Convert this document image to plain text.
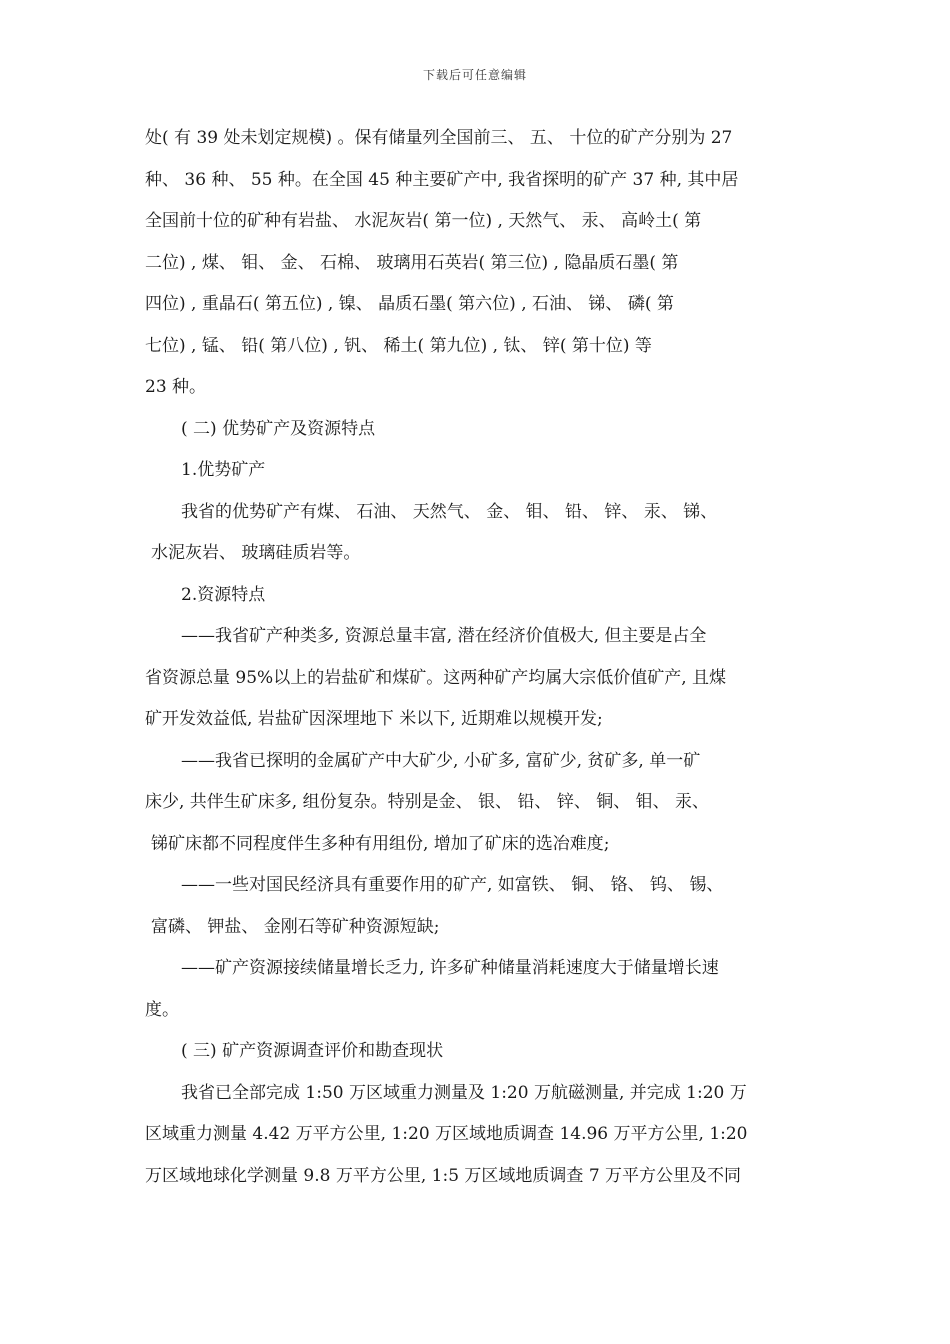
下载后可任意编辑
处( 有 39 处未划定规模) 。保有储量列全国前三、 五、 十位的矿产分别为 27
种、 36 种、 55 种。在全国 45 种主要矿产中, 我省探明的矿产 37 种, 其中居
全国前十位的矿种有岩盐、 水泥灰岩( 第一位) , 天然气、 汞、 高岭土( 第
二位) , 煤、 钼、 金、 石棉、 玻璃用石英岩( 第三位) , 隐晶质石墨( 第
四位) , 重晶石( 第五位) , 镍、 晶质石墨( 第六位) , 石油、 锑、 磷( 第
七位) , 锰、 铅( 第八位) , 钒、 稀土( 第九位) , 钛、 锌( 第十位) 等
23 种。
( 二) 优势矿产及资源特点
1.优势矿产
我省的优势矿产有煤、 石油、 天然气、 金、 钼、 铅、 锌、 汞、 锑、
水泥灰岩、 玻璃硅质岩等。
2.资源特点
——我省矿产种类多, 资源总量丰富, 潜在经济价值极大, 但主要是占全
省资源总量 95%以上的岩盐矿和煤矿。这两种矿产均属大宗低价值矿产, 且煤
矿开发效益低, 岩盐矿因深埋地下 米以下, 近期难以规模开发;
——我省已探明的金属矿产中大矿少, 小矿多, 富矿少, 贫矿多, 单一矿
床少, 共伴生矿床多, 组份复杂。特别是金、 银、 铅、 锌、 铜、 钼、 汞、
锑矿床都不同程度伴生多种有用组份, 增加了矿床的选冶难度;
——一些对国民经济具有重要作用的矿产, 如富铁、 铜、 铬、 钨、 锡、
富磷、 钾盐、 金刚石等矿种资源短缺;
——矿产资源接续储量增长乏力, 许多矿种储量消耗速度大于储量增长速
度。
( 三) 矿产资源调查评价和勘查现状
我省已全部完成 1:50 万区域重力测量及 1:20 万航磁测量, 并完成 1:20 万
区域重力测量 4.42 万平方公里, 1:20 万区域地质调查 14.96 万平方公里, 1:20
万区域地球化学测量 9.8 万平方公里, 1:5 万区域地质调查 7 万平方公里及不同
